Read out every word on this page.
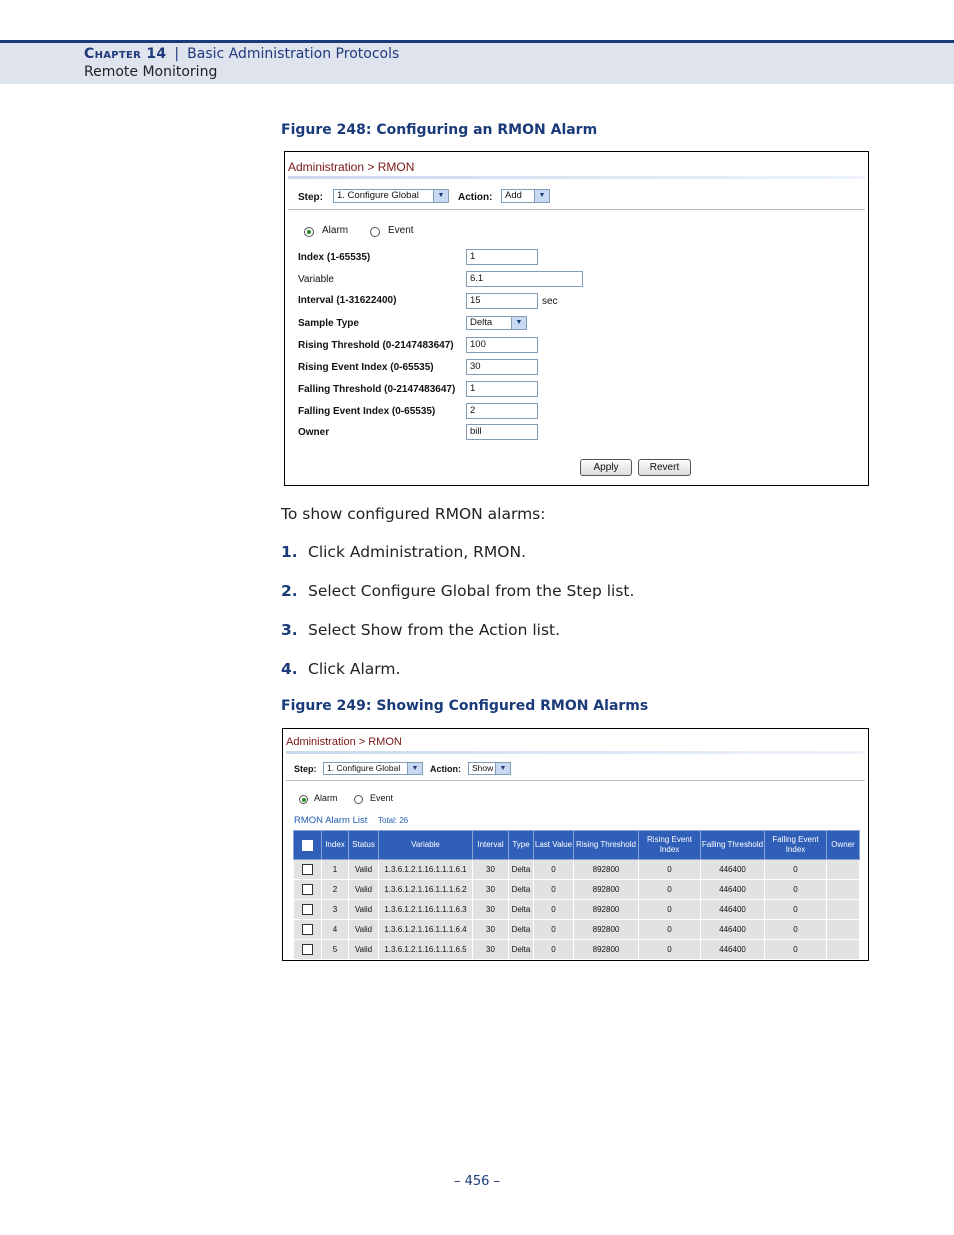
Chapter 14 | Basic Administration Protocols
Remote Monitoring
Figure 248: Configuring an RMON Alarm
Administration > RMON
Step:	1. Configure Global	▼	Action:	Add	▼
Alarm	Event
Index (1-65535)	1
Variable	6.1
Interval (1-31622400)	15	sec
Sample Type	Delta	▼
Rising Threshold (0-2147483647)	100
Rising Event Index (0-65535)	30
Falling Threshold (0-2147483647)	1
Falling Event Index (0-65535)	2
Owner	bill
Apply	Revert
To show configured RMON alarms:
1. Click Administration, RMON.
2. Select Configure Global from the Step list.
3. Select Show from the Action list.
4. Click Alarm.
Figure 249: Showing Configured RMON Alarms
Administration > RMON
Step:	1. Configure Global	▼	Action:	Show ▼
Alarm	Event
RMON Alarm List Total: 26
	Index	Status	Variable	Interval	Type	Last Value	Rising Threshold	Rising Event Index	Falling Threshold	Falling Event Index	Owner
	1	Valid	1.3.6.1.2.1.16.1.1.1.6.1	30	Delta	0	892800	0	446400	0	
	2	Valid	1.3.6.1.2.1.16.1.1.1.6.2	30	Delta	0	892800	0	446400	0	
	3	Valid	1.3.6.1.2.1.16.1.1.1.6.3	30	Delta	0	892800	0	446400	0	
	4	Valid	1.3.6.1.2.1.16.1.1.1.6.4	30	Delta	0	892800	0	446400	0	
	5	Valid	1.3.6.1.2.1.16.1.1.1.6.5	30	Delta	0	892800	0	446400	0	
– 456 –
